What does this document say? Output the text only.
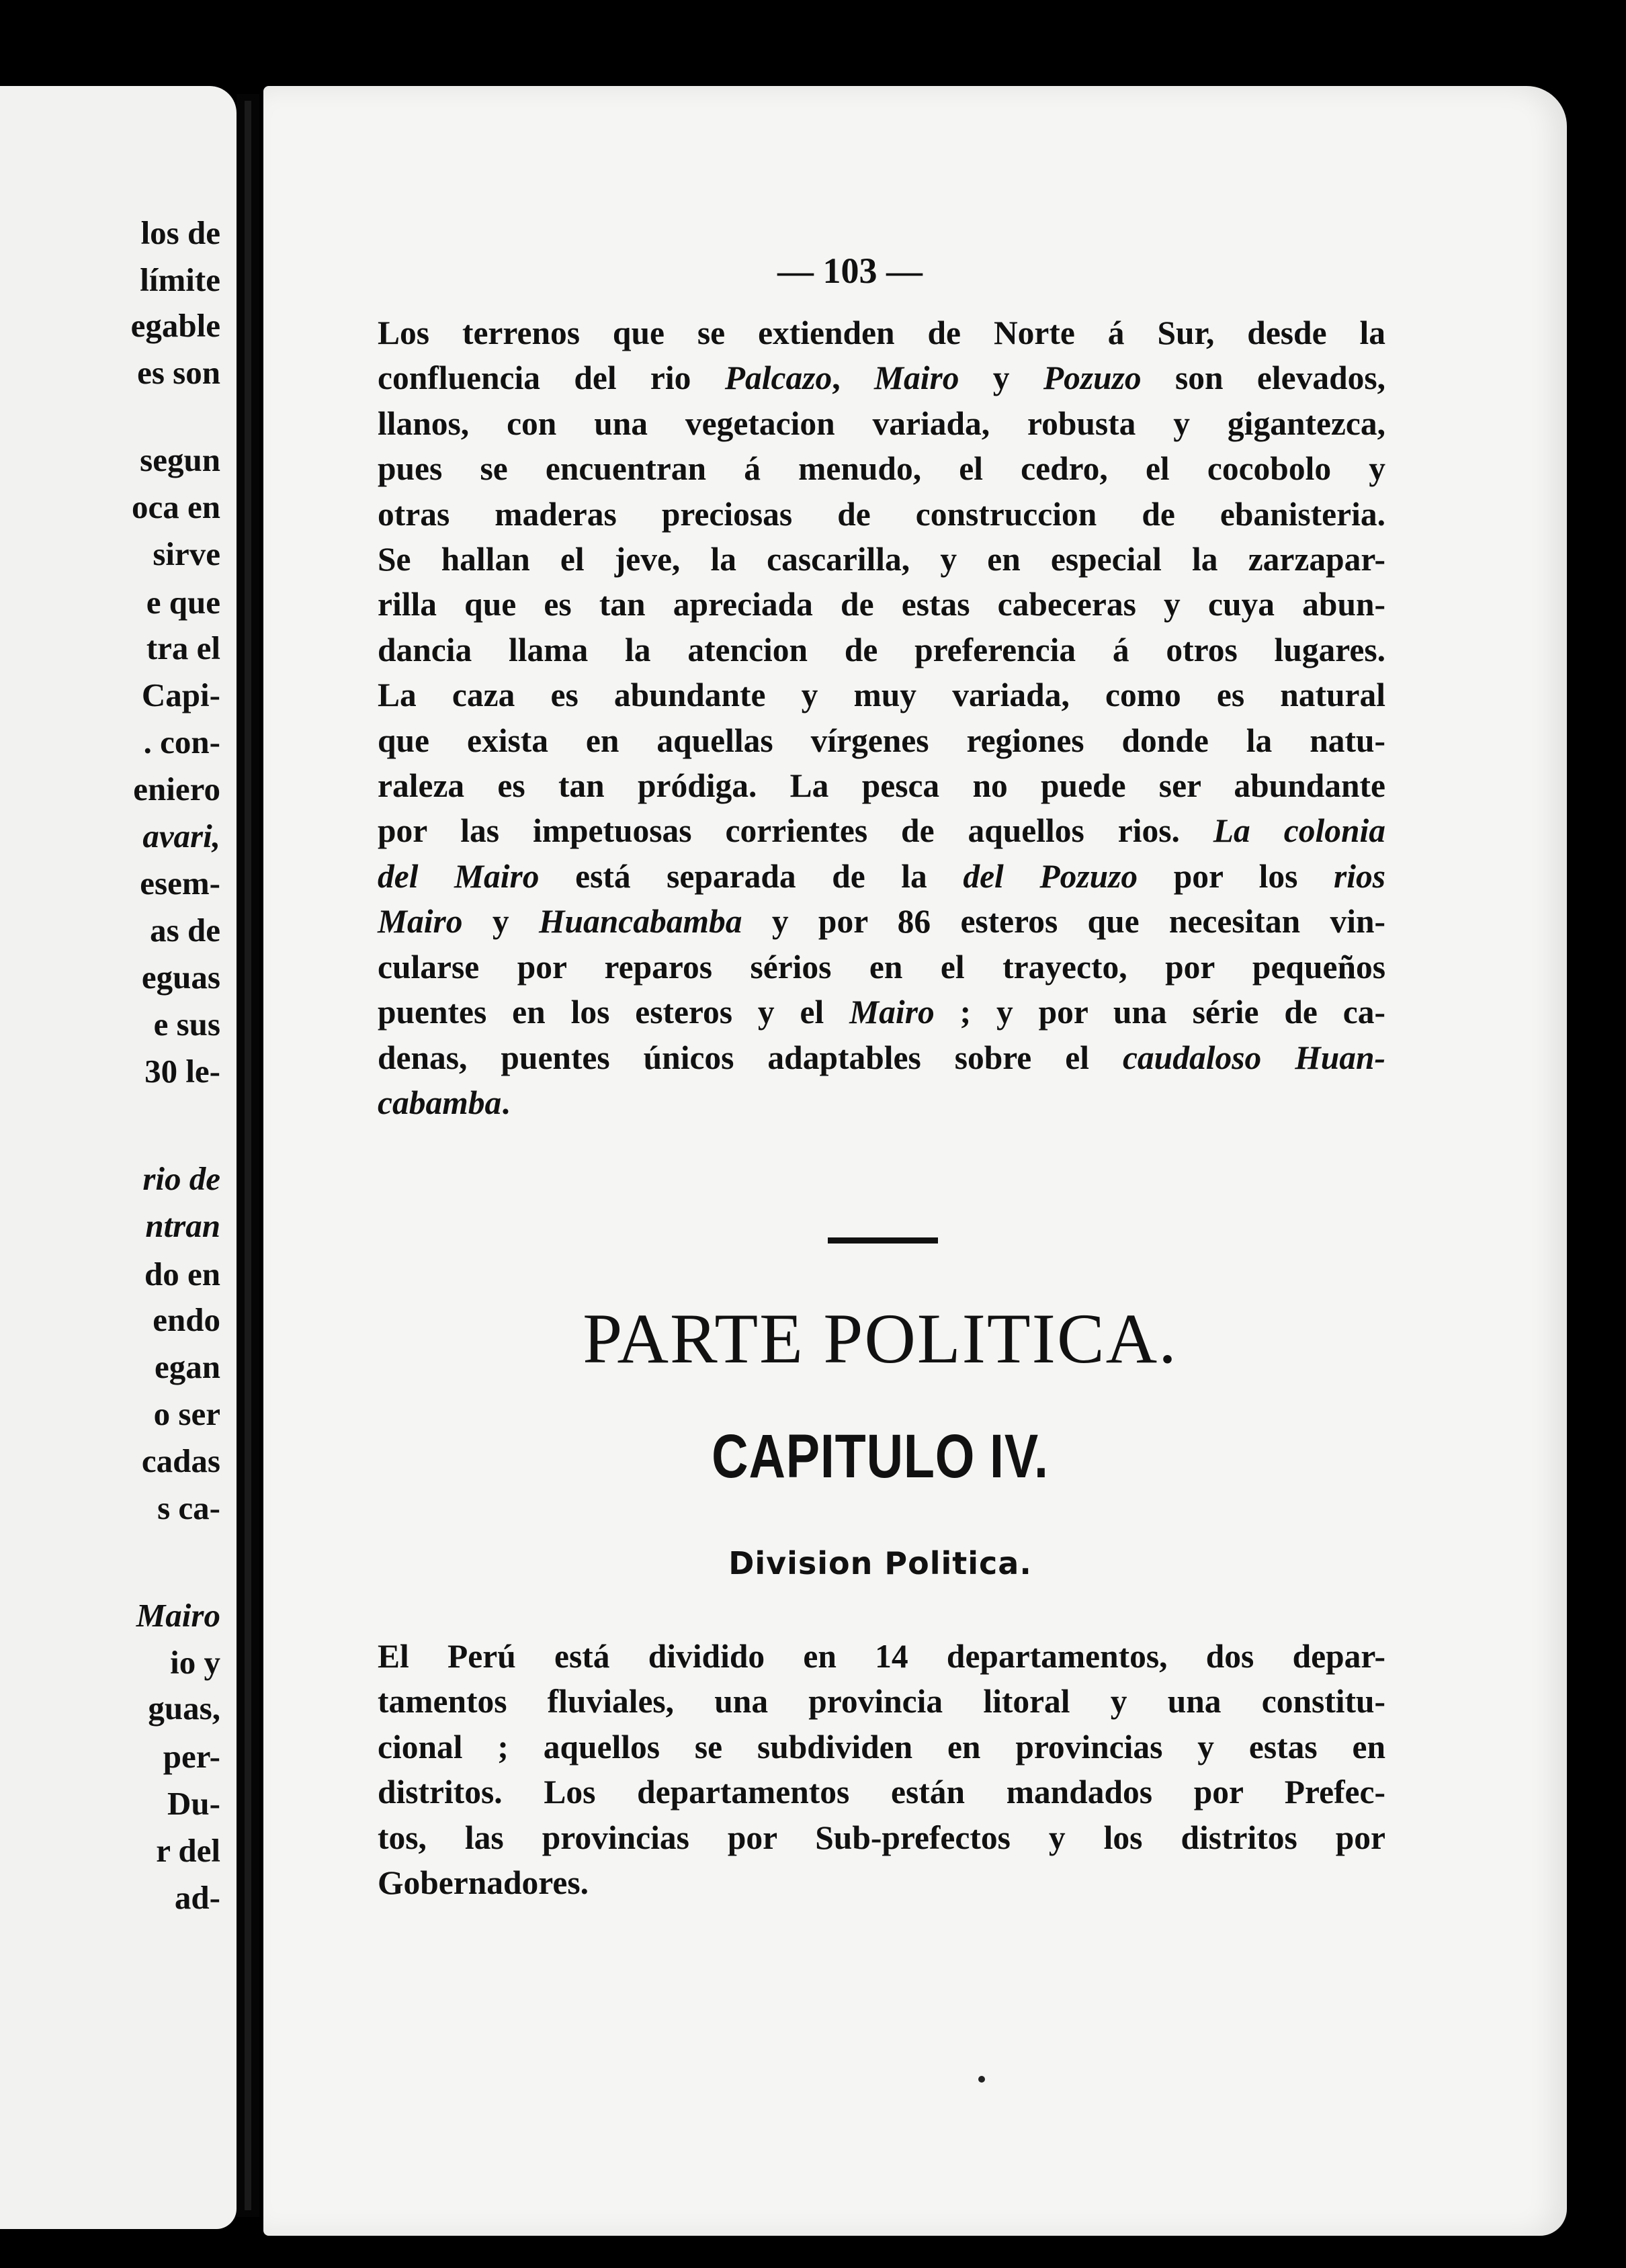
los de
límite
egable
es son
segun
oca en
sirve
e que
tra el
Capi-
. con-
eniero
avari,
esem-
as de
eguas
e sus
30 le-
rio de
ntran
do en
endo
egan
o ser
cadas
s ca-
Mairo
io y
guas,
per-
Du-
r del
ad-
— 103 —
Los terrenos que se extienden de Norte á Sur, desde la
confluencia del rio Palcazo, Mairo y Pozuzo son elevados,
llanos, con una vegetacion variada, robusta y gigantezca,
pues se encuentran á menudo, el cedro, el cocobolo y
otras maderas preciosas de construccion de ebanisteria.
Se hallan el jeve, la cascarilla, y en especial la zarzapar-
rilla que es tan apreciada de estas cabeceras y cuya abun-
dancia llama la atencion de preferencia á otros lugares.
La caza es abundante y muy variada, como es natural
que exista en aquellas vírgenes regiones donde la natu-
raleza es tan pródiga. La pesca no puede ser abundante
por las impetuosas corrientes de aquellos rios. La colonia
del Mairo está separada de la del Pozuzo por los rios
Mairo y Huancabamba y por 86 esteros que necesitan vin-
cularse por reparos sérios en el trayecto, por pequeños
puentes en los esteros y el Mairo ; y por una série de ca-
denas, puentes únicos adaptables sobre el caudaloso Huan-
cabamba.
PARTE POLITICA.
CAPITULO IV.
Division Politica.
El Perú está dividido en 14 departamentos, dos depar-
tamentos fluviales, una provincia litoral y una constitu-
cional ; aquellos se subdividen en provincias y estas en
distritos. Los departamentos están mandados por Prefec-
tos, las provincias por Sub-prefectos y los distritos por
Gobernadores.
